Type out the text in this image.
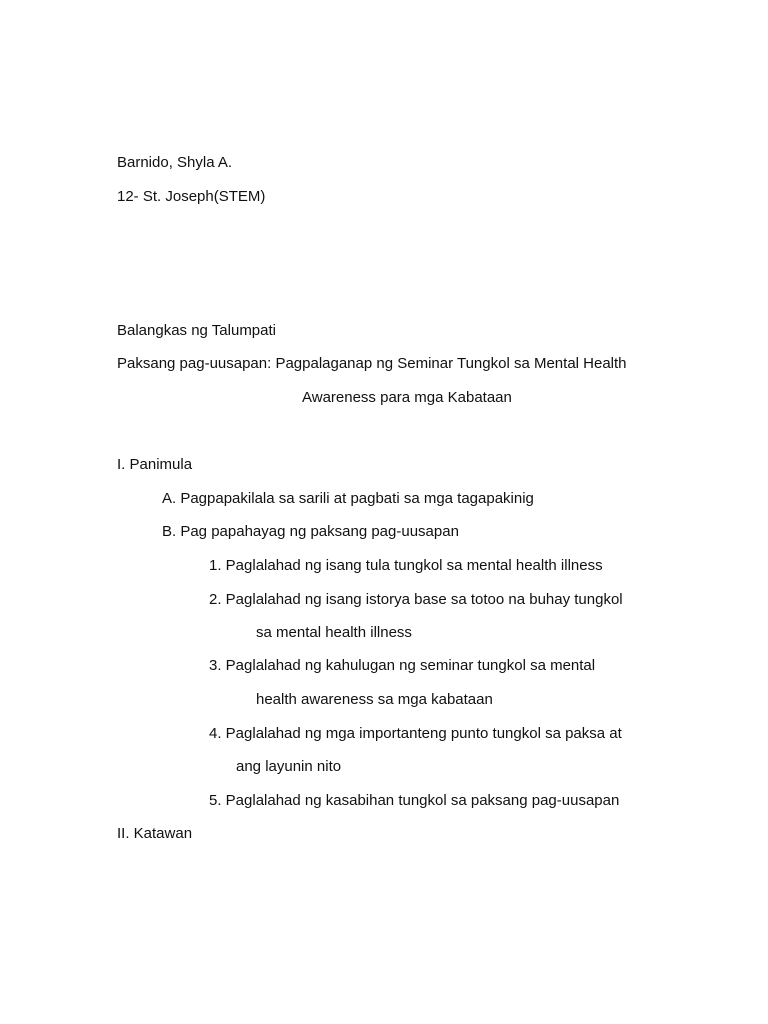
Barnido, Shyla A.
12- St. Joseph(STEM)
Balangkas ng Talumpati
Paksang pag-uusapan: Pagpalaganap ng Seminar Tungkol sa Mental Health
Awareness para mga Kabataan
I. Panimula
A. Pagpapakilala sa sarili at pagbati sa mga tagapakinig
B. Pag papahayag ng paksang pag-uusapan
1. Paglalahad ng isang tula tungkol sa mental health illness
2. Paglalahad ng isang istorya base sa totoo na buhay tungkol
sa mental health illness
3. Paglalahad ng kahulugan ng seminar tungkol sa mental
health awareness sa mga kabataan
4. Paglalahad ng mga importanteng punto tungkol sa paksa at
ang layunin nito
5. Paglalahad ng kasabihan tungkol sa paksang pag-uusapan
II. Katawan
